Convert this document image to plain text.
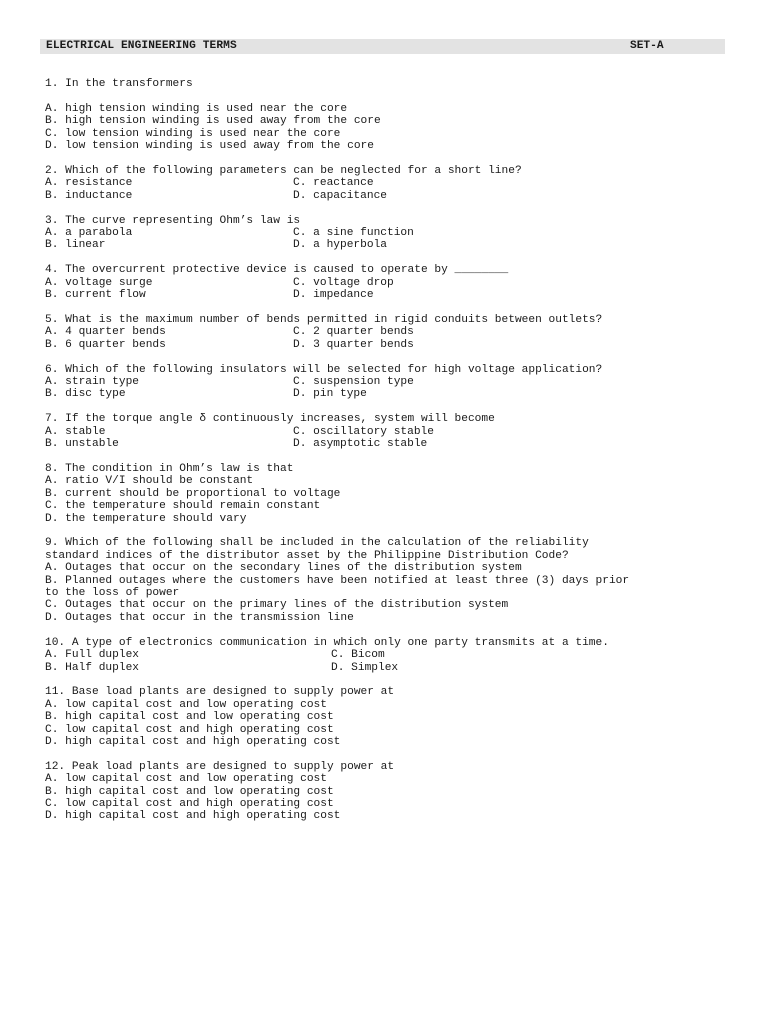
ELECTRICAL ENGINEERING TERMS	SET-A
1. In the transformers
A. high tension winding is used near the core
B. high tension winding is used away from the core
C. low tension winding is used near the core
D. low tension winding is used away from the core
2. Which of the following parameters can be neglected for a short line?
A. resistance	C. reactance
B. inductance	D. capacitance
3. The curve representing Ohm’s law is
A. a parabola	C. a sine function
B. linear	D. a hyperbola
4. The overcurrent protective device is caused to operate by ________
A. voltage surge	C. voltage drop
B. current flow	D. impedance
5. What is the maximum number of bends permitted in rigid conduits between outlets?
A. 4 quarter bends	C. 2 quarter bends
B. 6 quarter bends	D. 3 quarter bends
6. Which of the following insulators will be selected for high voltage application?
A. strain type	C. suspension type
B. disc type	D. pin type
7. If the torque angle δ continuously increases, system will become
A. stable	C. oscillatory stable
B. unstable	D. asymptotic stable
8. The condition in Ohm’s law is that
A. ratio V/I should be constant
B. current should be proportional to voltage
C. the temperature should remain constant
D. the temperature should vary
9. Which of the following shall be included in the calculation of the reliability
standard indices of the distributor asset by the Philippine Distribution Code?
A. Outages that occur on the secondary lines of the distribution system
B. Planned outages where the customers have been notified at least three (3) days prior
to the loss of power
C. Outages that occur on the primary lines of the distribution system
D. Outages that occur in the transmission line
10. A type of electronics communication in which only one party transmits at a time.
A. Full duplex	C. Bicom
B. Half duplex	D. Simplex
11. Base load plants are designed to supply power at
A. low capital cost and low operating cost
B. high capital cost and low operating cost
C. low capital cost and high operating cost
D. high capital cost and high operating cost
12. Peak load plants are designed to supply power at
A. low capital cost and low operating cost
B. high capital cost and low operating cost
C. low capital cost and high operating cost
D. high capital cost and high operating cost
